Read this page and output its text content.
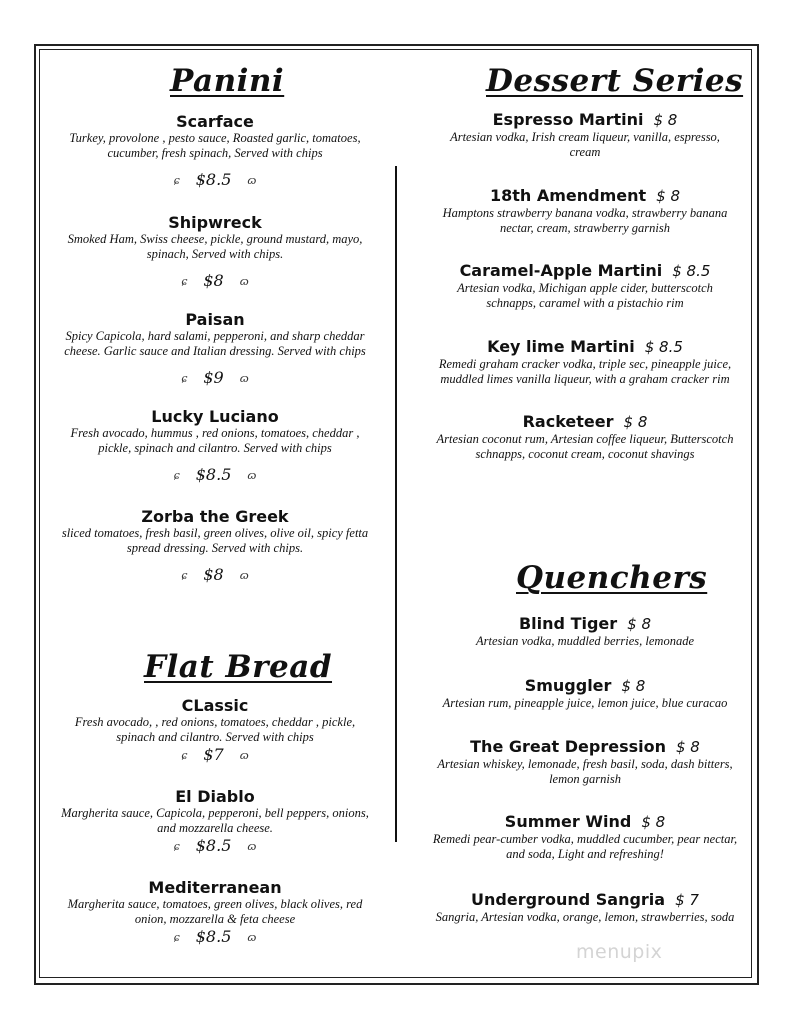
Panini
Scarface
Turkey, provolone , pesto sauce, Roasted garlic, tomatoes, cucumber, fresh spinach, Served with chips
ɕ $8.5 ɷ
Shipwreck
Smoked Ham, Swiss cheese, pickle, ground mustard, mayo, spinach, Served with chips.
ɕ $8 ɷ
Paisan
Spicy Capicola, hard salami, pepperoni, and sharp cheddar cheese. Garlic sauce and Italian dressing. Served with chips
ɕ $9 ɷ
Lucky Luciano
Fresh avocado, hummus , red onions, tomatoes, cheddar , pickle, spinach and cilantro. Served with chips
ɕ $8.5 ɷ
Zorba the Greek
sliced tomatoes, fresh basil, green olives, olive oil, spicy fetta spread dressing. Served with chips.
ɕ $8 ɷ
Flat Bread
CLassic
Fresh avocado, , red onions, tomatoes, cheddar , pickle, spinach and cilantro. Served with chips
ɕ $7 ɷ
El Diablo
Margherita sauce, Capicola, pepperoni, bell peppers, onions, and mozzarella cheese.
ɕ $8.5 ɷ
Mediterranean
Margherita sauce, tomatoes, green olives, black olives, red onion, mozzarella & feta cheese
ɕ $8.5 ɷ
Dessert Series
Espresso Martini $ 8
Artesian vodka, Irish cream liqueur, vanilla, espresso, cream
18th Amendment $ 8
Hamptons strawberry banana vodka, strawberry banana nectar, cream, strawberry garnish
Caramel-Apple Martini $ 8.5
Artesian vodka, Michigan apple cider, butterscotch schnapps, caramel with a pistachio rim
Key lime Martini $ 8.5
Remedi graham cracker vodka, triple sec, pineapple juice, muddled limes vanilla liqueur, with a graham cracker rim
Racketeer $ 8
Artesian coconut rum, Artesian coffee liqueur, Butterscotch schnapps, coconut cream, coconut shavings
Quenchers
Blind Tiger $ 8
Artesian vodka, muddled berries, lemonade
Smuggler $ 8
Artesian rum, pineapple juice, lemon juice, blue curacao
The Great Depression $ 8
Artesian whiskey, lemonade, fresh basil, soda, dash bitters, lemon garnish
Summer Wind $ 8
Remedi pear-cumber vodka, muddled cucumber, pear nectar, and soda, Light and refreshing!
Underground Sangria $ 7
Sangria, Artesian vodka, orange, lemon, strawberries, soda
menupix
